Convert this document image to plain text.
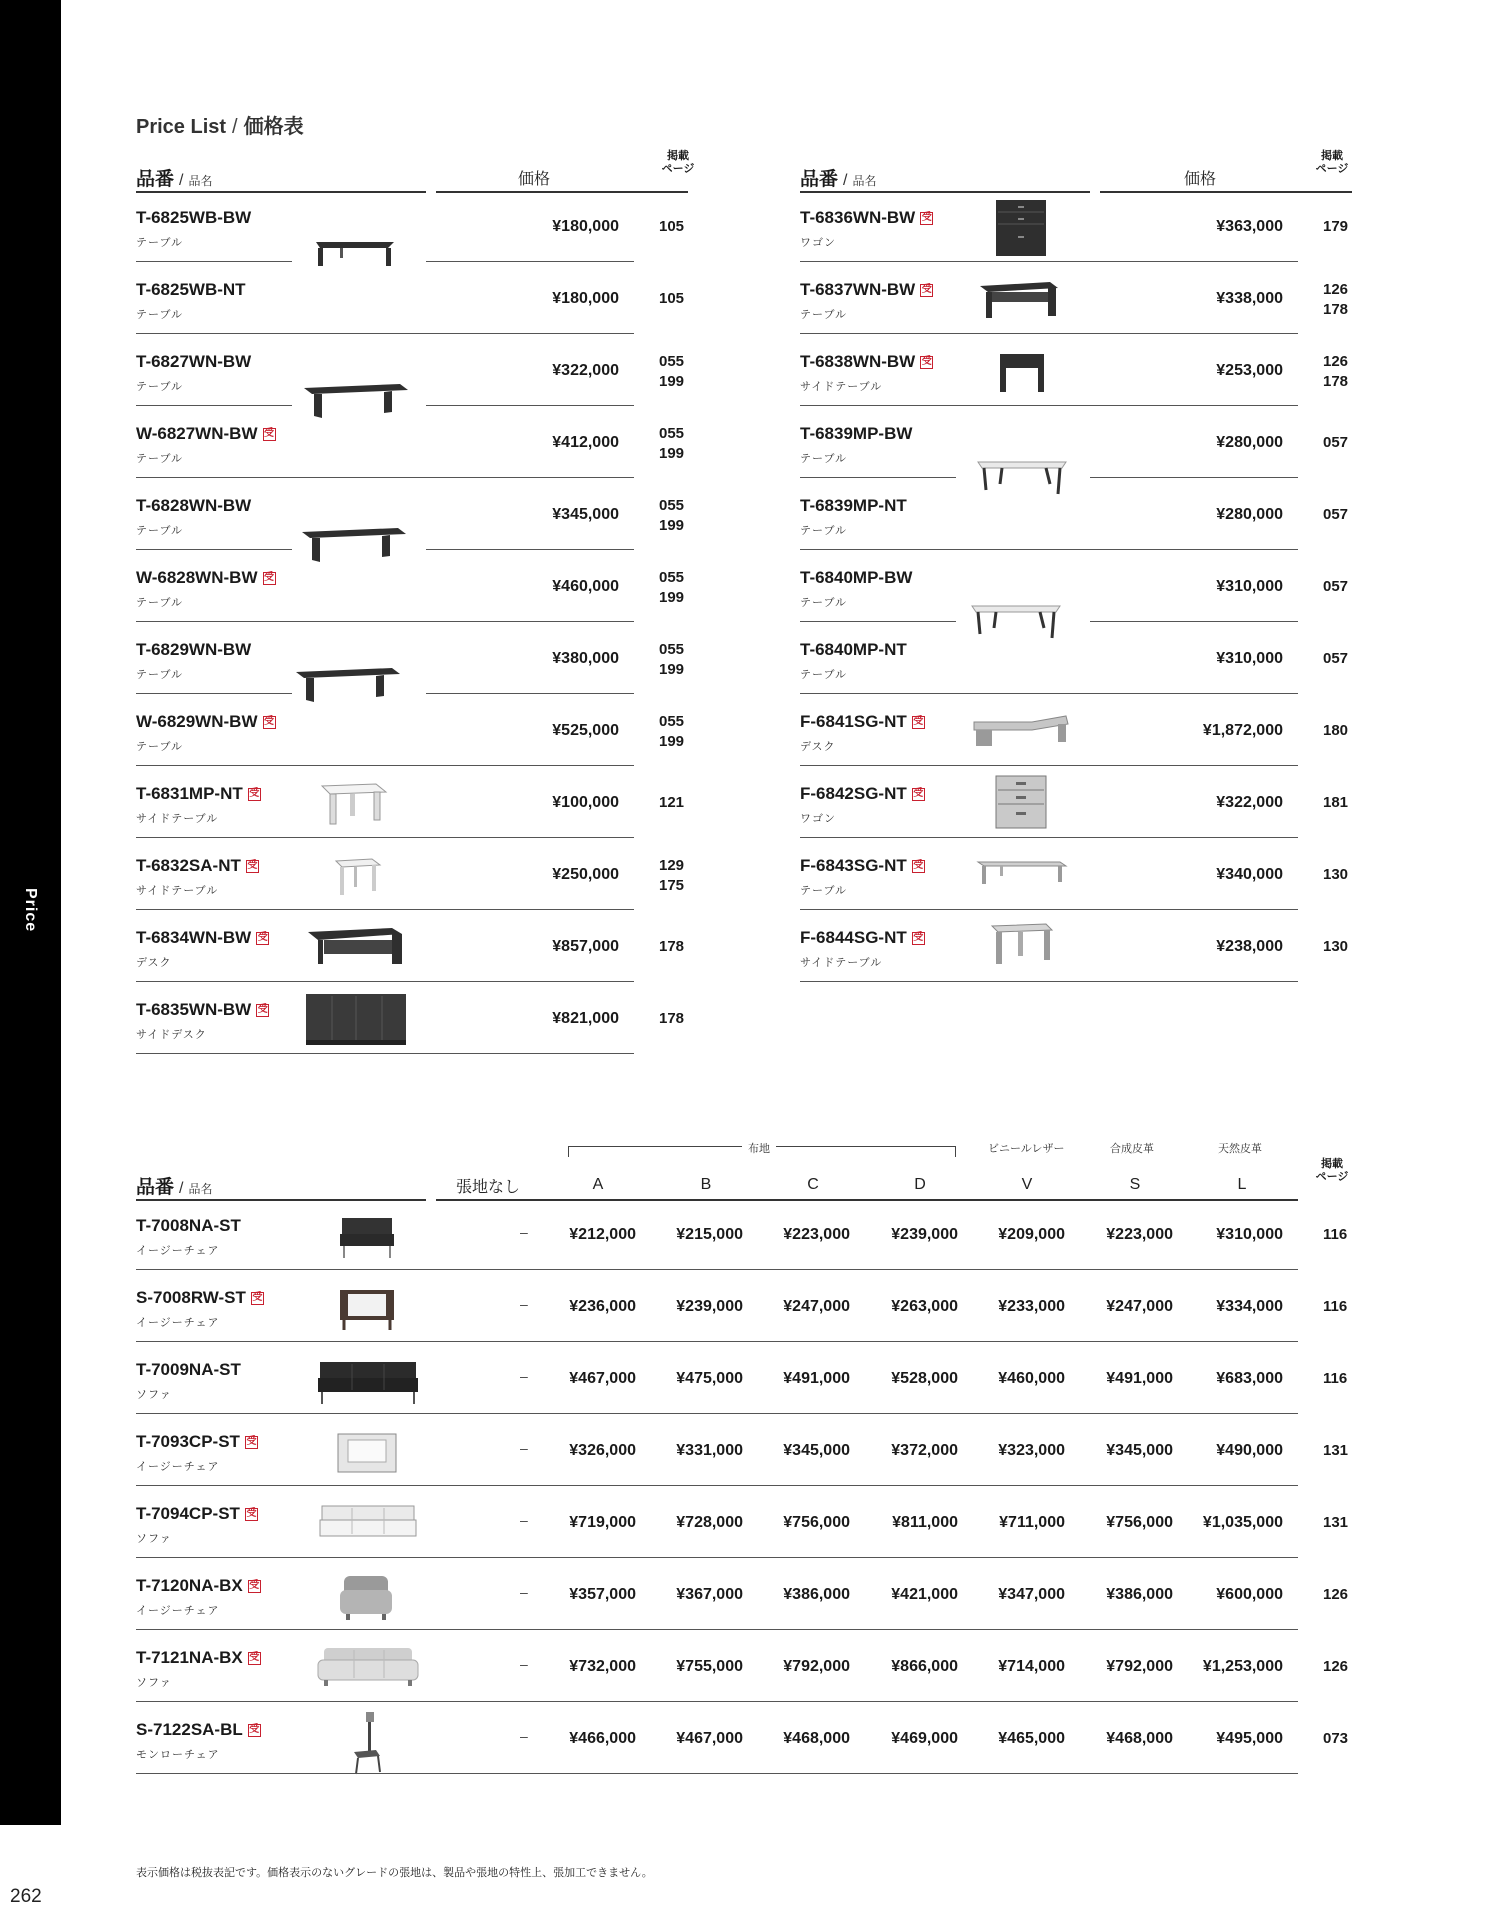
Price
262
Price List / 価格表
品番 / 品名	価格
掲載
ページ
T-6825WB-BW
テーブル
¥180,000	105
T-6825WB-NT
テーブル
¥180,000	105
T-6827WN-BW
テーブル
¥322,000
055
199
W-6827WN-BW 受
テーブル
¥412,000
055
199
T-6828WN-BW
テーブル
¥345,000
055
199
W-6828WN-BW 受
テーブル
¥460,000
055
199
T-6829WN-BW
テーブル
¥380,000
055
199
W-6829WN-BW 受
テーブル
¥525,000
055
199
T-6831MP-NT 受
サイドテーブル
¥100,000	121
T-6832SA-NT 受
サイドテーブル
¥250,000
129
175
T-6834WN-BW 受
デスク
¥857,000	178
T-6835WN-BW 受
サイドデスク
¥821,000	178
品番 / 品名	価格
掲載
ページ
T-6836WN-BW 受
ワゴン
¥363,000	179
T-6837WN-BW 受
テーブル
¥338,000
126
178
T-6838WN-BW 受
サイドテーブル
¥253,000
126
178
T-6839MP-BW
テーブル
¥280,000	057
T-6839MP-NT
テーブル
¥280,000	057
T-6840MP-BW
テーブル
¥310,000	057
T-6840MP-NT
テーブル
¥310,000	057
F-6841SG-NT 受
デスク
¥1,872,000	180
F-6842SG-NT 受
ワゴン
¥322,000	181
F-6843SG-NT 受
テーブル
¥340,000	130
F-6844SG-NT 受
サイドテーブル
¥238,000	130
品番 / 品名
掲載
ページ
張地なし
布地	ビニールレザー	合成皮革	天然皮革
A	B	C	D	V	S	L
T-7008NA-ST
イージーチェア
–	¥212,000	¥215,000	¥223,000	¥239,000	¥209,000	¥223,000	¥310,000	116
S-7008RW-ST 受
イージーチェア
–	¥236,000	¥239,000	¥247,000	¥263,000	¥233,000	¥247,000	¥334,000	116
T-7009NA-ST
ソファ
–	¥467,000	¥475,000	¥491,000	¥528,000	¥460,000	¥491,000	¥683,000	116
T-7093CP-ST 受
イージーチェア
–	¥326,000	¥331,000	¥345,000	¥372,000	¥323,000	¥345,000	¥490,000	131
T-7094CP-ST 受
ソファ
–	¥719,000	¥728,000	¥756,000	¥811,000	¥711,000	¥756,000	¥1,035,000	131
T-7120NA-BX 受
イージーチェア
–	¥357,000	¥367,000	¥386,000	¥421,000	¥347,000	¥386,000	¥600,000	126
T-7121NA-BX 受
ソファ
–	¥732,000	¥755,000	¥792,000	¥866,000	¥714,000	¥792,000	¥1,253,000	126
S-7122SA-BL 受
モンローチェア
–	¥466,000	¥467,000	¥468,000	¥469,000	¥465,000	¥468,000	¥495,000	073
表示価格は税抜表記です。価格表示のないグレードの張地は、製品や張地の特性上、張加工できません。
